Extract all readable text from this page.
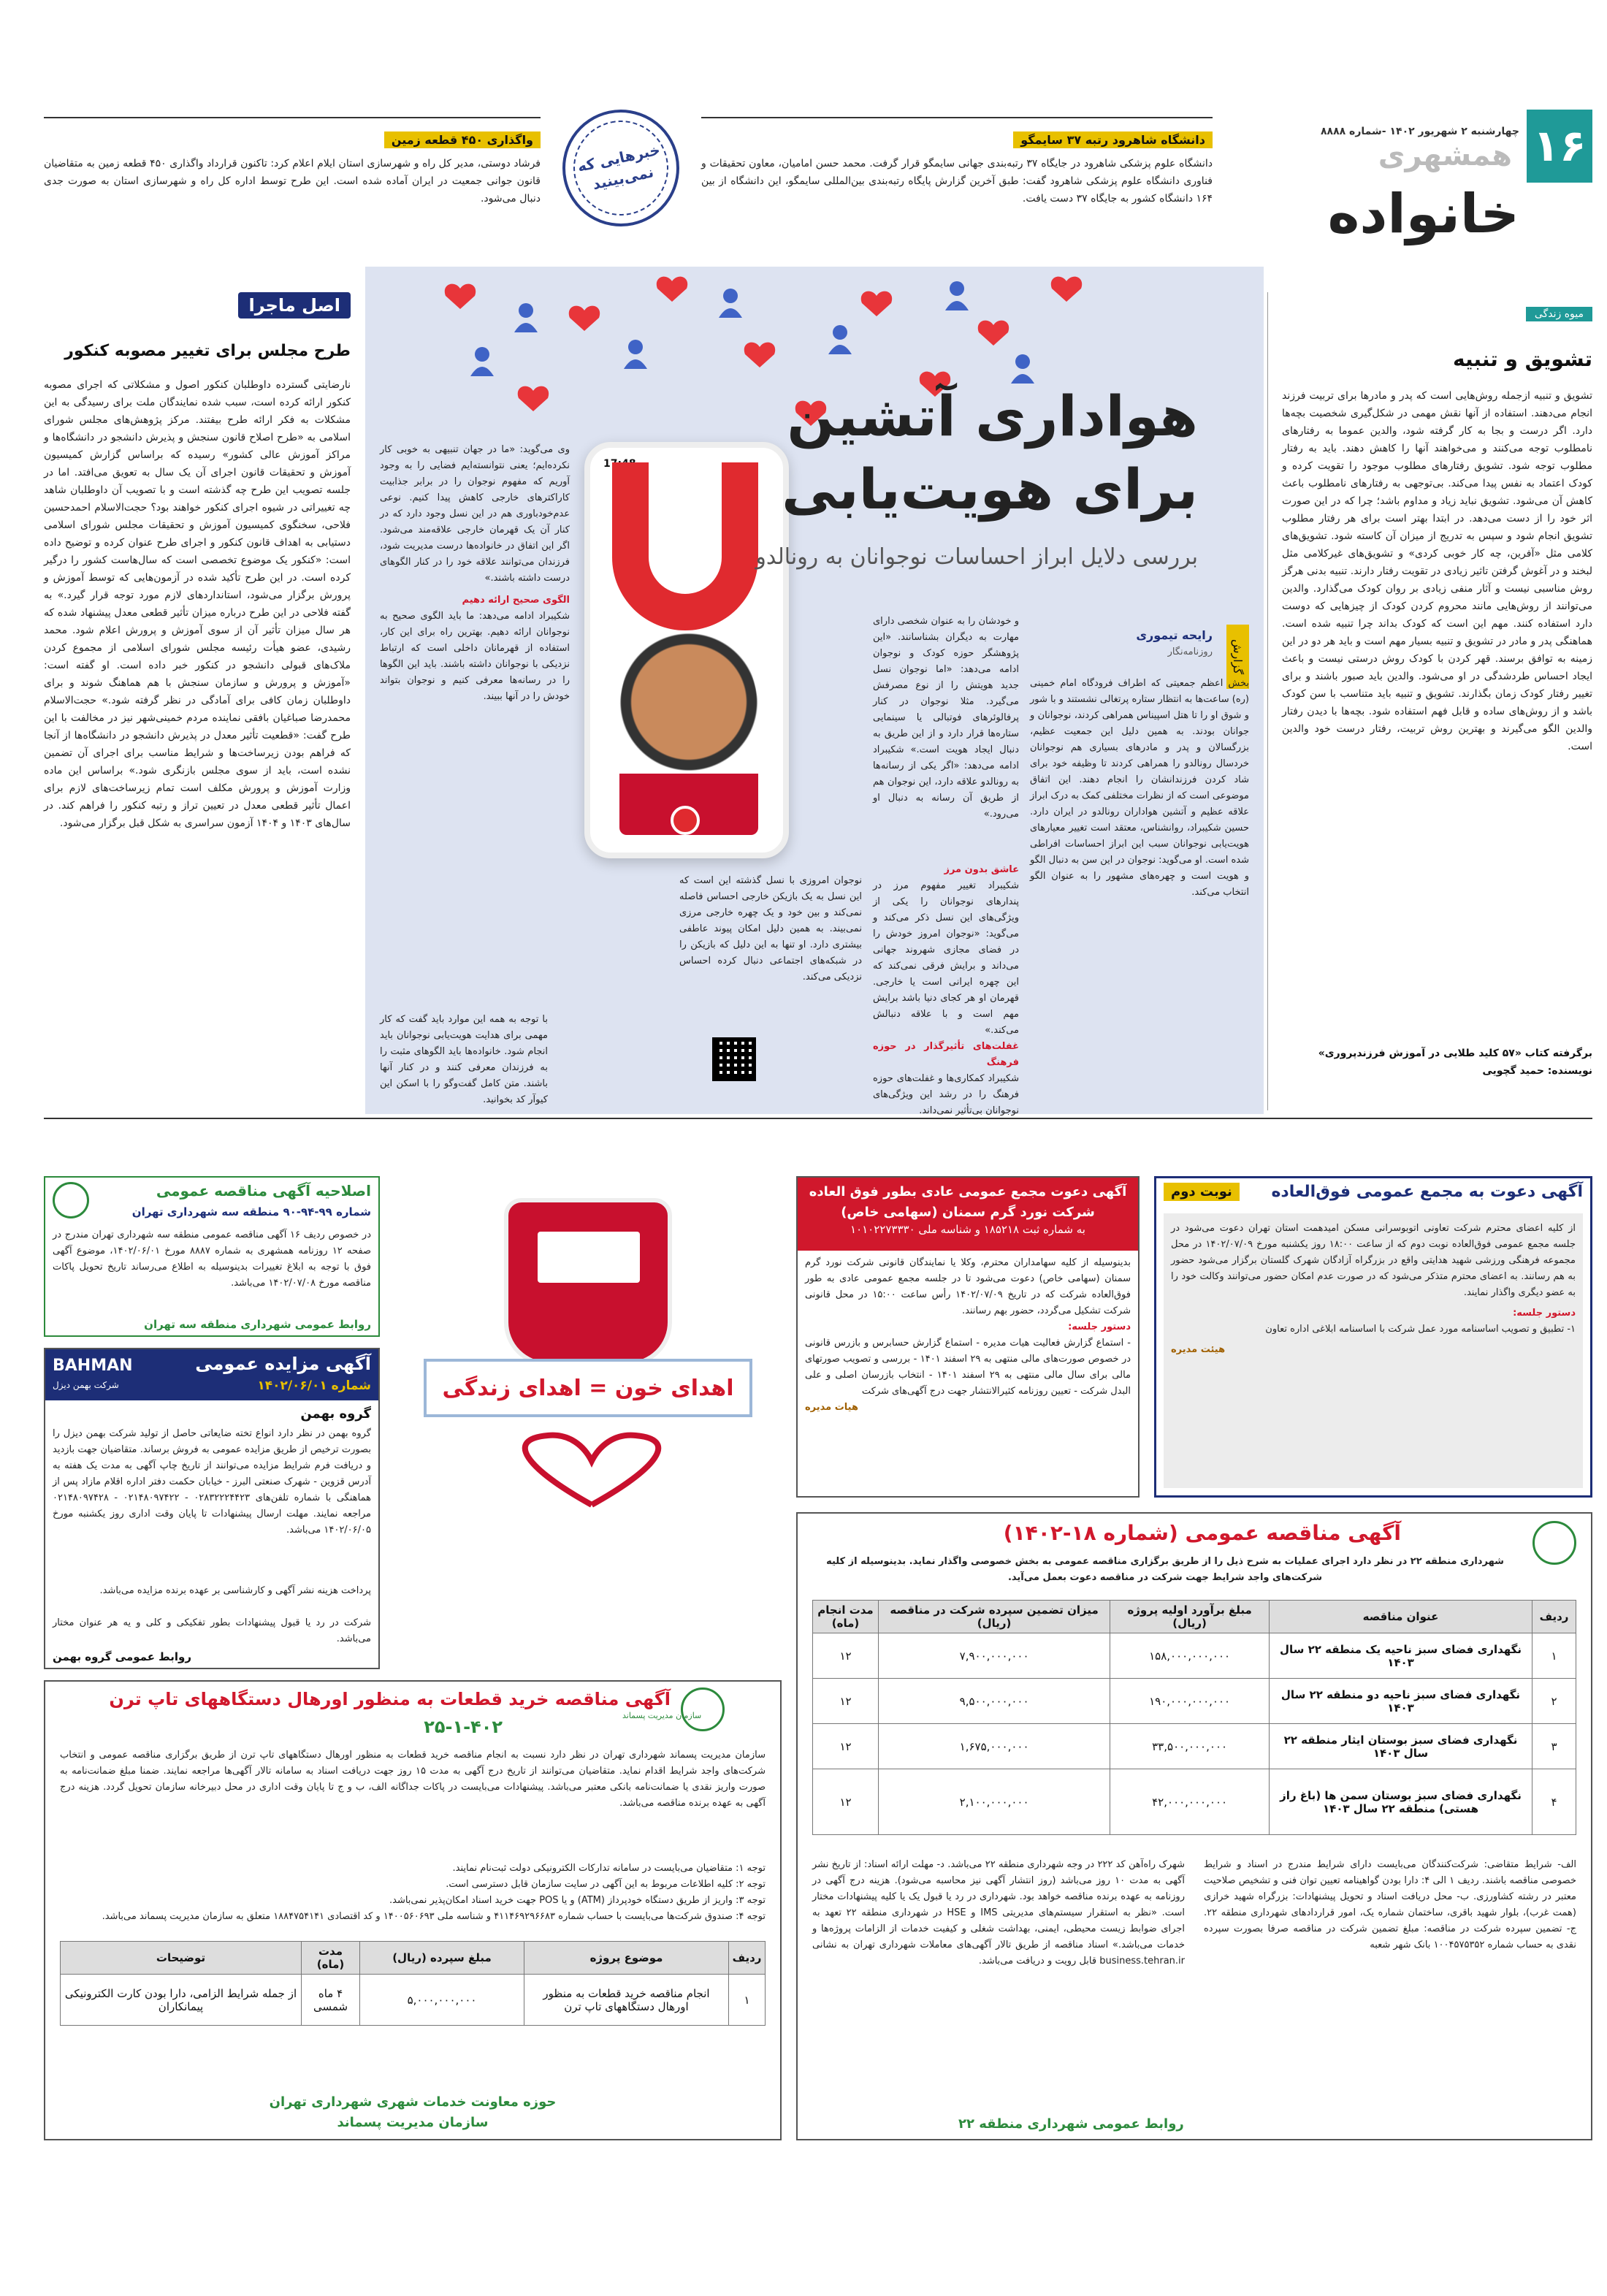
۱۶
چهارشنبه ۲ شهریور ۱۴۰۲ -شماره ۸۸۸۸
همشهری
خانواده
دانشگاه شاهرود رتبه ۳۷ سایمگو
دانشگاه علوم پزشکی شاهرود در جایگاه ۳۷ رتبه‌بندی جهانی سایمگو قرار گرفت. محمد حسن امامیان، معاون تحقیقات و فناوری دانشگاه علوم پزشکی شاهرود گفت: طبق آخرین گزارش پایگاه رتبه‌بندی بین‌المللی سایمگو، این دانشگاه از بین ۱۶۴ دانشگاه کشور به جایگاه ۳۷ دست یافت.
خبرهایی که نمی‌بینید
واگذاری ۴۵۰ قطعه زمین
فرشاد دوستی، مدیر کل راه و شهرسازی استان ایلام اعلام کرد: تاکنون قرارداد واگذاری ۴۵۰ قطعه زمین به متقاضیان قانون جوانی جمعیت در ایران آماده شده است. این طرح توسط اداره کل راه و شهرسازی استان به صورت جدی دنبال می‌شود.
میوه زندگی
تشویق و تنبیه
تشویق و تنبیه ازجمله روش‌هایی است که پدر و مادرها برای تربیت فرزند انجام می‌دهند. استفاده از آنها نقش مهمی در شکل‌گیری شخصیت بچه‌ها دارد. اگر درست و بجا به کار گرفته شود، والدین عموما به رفتارهای نامطلوب توجه می‌کنند و می‌خواهند آنها را کاهش دهند. باید به رفتار مطلوب توجه شود. تشویق رفتارهای مطلوب موجود را تقویت کرده و کودک اعتماد به نفس پیدا می‌کند. بی‌توجهی به رفتارهای نامطلوب باعث کاهش آن می‌شود. تشویق نباید زیاد و مداوم باشد؛ چرا که در این صورت اثر خود را از دست می‌دهد. در ابتدا بهتر است برای هر رفتار مطلوب تشویق انجام شود و سپس به تدریج از میزان آن کاسته شود. تشویق‌های کلامی مثل «آفرین، چه کار خوبی کردی» و تشویق‌های غیرکلامی مثل لبخند و در آغوش گرفتن تاثیر زیادی در تقویت رفتار دارند. تنبیه بدنی هرگز روش مناسبی نیست و آثار منفی زیادی بر روان کودک می‌گذارد. والدین می‌توانند از روش‌هایی مانند محروم کردن کودک از چیزهایی که دوست دارد استفاده کنند. مهم این است که کودک بداند چرا تنبیه شده است. هماهنگی پدر و مادر در تشویق و تنبیه بسیار مهم است و باید هر دو در این زمینه به توافق برسند. قهر کردن با کودک روش درستی نیست و باعث ایجاد احساس طردشدگی در او می‌شود. والدین باید صبور باشند و برای تغییر رفتار کودک زمان بگذارند. تشویق و تنبیه باید متناسب با سن کودک باشد و از روش‌های ساده و قابل فهم استفاده شود. بچه‌ها با دیدن رفتار والدین الگو می‌گیرند و بهترین روش تربیت، رفتار درست خود والدین است.
برگرفته کتاب «۵۷ کلید طلایی در آموزش فرزندپروری» نویسنده: حمید گچویی
17:48
هواداری آتشین
برای هویت‌یابی
بررسی دلایل ابراز احساسات نوجوانان به رونالدو
گزارش
رایحه تیموری
روزنامه‌نگار
بخش اعظم جمعیتی که اطراف فرودگاه امام خمینی (ره) ساعت‌ها به انتظار ستاره پرتغالی نشستند و با شور و شوق او را تا هتل اسپیناس همراهی کردند، نوجوانان و جوانان بودند. به همین دلیل این جمعیت عظیم، بزرگسالان و پدر و مادرهای بسیاری هم نوجوانان خردسال رونالدو را همراهی کردند تا وظیفه خود برای شاد کردن فرزندانشان را انجام دهند. این اتفاق موضوعی است که از نظرات مختلفی کمک به درک ابراز علاقه عظیم و آتشین هواداران رونالدو در ایران دارد. حسین شکیبراد، روانشناس، معتقد است تغییر معیارهای هویت‌یابی نوجوانان سبب این ابراز احساسات افراطی شده است. او می‌گوید: نوجوان در این سن به دنبال الگو و هویت است و چهره‌های مشهور را به عنوان الگو انتخاب می‌کند.
و خودشان را به عنوان شخصی دارای مهارت به دیگران بشناسانند. «این پژوهشگر حوزه کودک و نوجوان ادامه می‌دهد: «اما نوجوان نسل جدید هویتش را از نوع مصرفش می‌گیرد. مثلا نوجوان در کنار پرفالوئرهای فوتبالی یا سینمایی ستاره‌ها قرار دارد و از این طریق به دنبال ایجاد هویت است.» شکیبراد ادامه می‌دهد: «اگر یکی از رسانه‌ها به رونالدو علاقه دارد، این نوجوان هم از طریق آن رسانه به دنبال او می‌رود.»
عاشق بدون مرز
شکیبراد تغییر مفهوم مرز در پندارهای نوجوانان را یکی از ویژگی‌های این نسل ذکر می‌کند و می‌گوید: «نوجوان امروز خودش را در فضای مجازی شهروند جهانی می‌داند و برایش فرقی نمی‌کند که این چهره ایرانی است یا خارجی. قهرمان او هر کجای دنیا باشد برایش مهم است و با علاقه دنبالش می‌کند.»
غفلت‌های تأثیرگذار در حوزه فرهنگ
شکیبراد کمکاری‌ها و غفلت‌های حوزه فرهنگ را در رشد این ویژگی‌های نوجوانان بی‌تأثیر نمی‌داند.
نوجوان امروزی با نسل گذشته این است که این نسل به یک بازیکن خارجی احساس فاصله نمی‌کند و بین خود و یک چهره خارجی مرزی نمی‌بیند. به همین دلیل امکان پیوند عاطفی بیشتری دارد. او تنها به این دلیل که بازیکن را در شبکه‌های اجتماعی دنبال کرده احساس نزدیکی می‌کند.
با توجه به همه این موارد باید گفت که کار مهمی برای هدایت هویت‌یابی نوجوانان باید انجام شود. خانواده‌ها باید الگوهای مثبت را به فرزندان معرفی کنند و در کنار آنها باشند. متن کامل گفت‌وگو را با اسکن این کیوآر کد بخوانید.
وی می‌گوید: «ما در جهان تنبیهی به خوبی کار نکرده‌ایم؛ یعنی نتوانسته‌ایم فضایی را به وجود آوریم که مفهوم نوجوان را در برابر جذابیت کاراکترهای خارجی کاهش پیدا کنیم. نوعی عدم‌خودباوری هم در این نسل وجود دارد که در کنار آن یک قهرمان خارجی علاقه‌مند می‌شود. اگر این اتفاق در خانواده‌ها درست مدیریت شود، فرزندان می‌توانند علاقه خود را در کنار الگوهای درست داشته باشند.»
الگوی صحیح ارائه دهیم
شکیبراد ادامه می‌دهد: ما باید الگوی صحیح به نوجوانان ارائه دهیم. بهترین راه برای این کار، استفاده از قهرمانان داخلی است که ارتباط نزدیکی با نوجوانان داشته باشند. باید این الگوها را در رسانه‌ها معرفی کنیم و نوجوان بتواند خودش را در آنها ببیند.
اصل ماجرا
طرح مجلس برای تغییر مصوبه کنکور
نارضایتی گسترده داوطلبان کنکور اصول و مشکلاتی که اجرای مصوبه کنکور ارائه کرده است، سبب شده نمایندگان ملت برای رسیدگی به این مشکلات به فکر ارائه طرح بیفتند. مرکز پژوهش‌های مجلس شورای اسلامی به «طرح اصلاح قانون سنجش و پذیرش دانشجو در دانشگاه‌ها و مراکز آموزش عالی کشور» رسیده که براساس گزارش کمیسیون آموزش و تحقیقات قانون اجرای آن یک سال به تعویق می‌افتد. اما در جلسه تصویب این طرح چه گذشته است و با تصویب آن داوطلبان شاهد چه تغییراتی در شیوه اجرای کنکور خواهند بود؟ حجت‌الاسلام احمدحسین فلاحی، سخنگوی کمیسیون آموزش و تحقیقات مجلس شورای اسلامی دستیابی به اهداف قانون کنکور و اجرای طرح عنوان کرده و توضیح داده است: «کنکور یک موضوع تخصصی است که سال‌هاست کشور را درگیر کرده است. در این طرح تأکید شده در آزمون‌هایی که توسط آموزش و پرورش برگزار می‌شود، استانداردهای لازم مورد توجه قرار گیرد.» به گفته فلاحی در این طرح درباره میزان تأثیر قطعی معدل پیشنهاد شده که هر سال میزان تأثیر آن از سوی آموزش و پرورش اعلام شود. محمد رشیدی، عضو هیأت رئیسه مجلس شورای اسلامی از مجموع کردن ملاک‌های قبولی دانشجو در کنکور خبر داده است. او گفته است: «آموزش و پرورش و سازمان سنجش با هم هماهنگ شوند و برای داوطلبان زمان کافی برای آمادگی در نظر گرفته شود.» حجت‌الاسلام محمدرضا صباغیان بافقی نماینده مردم خمینی‌شهر نیز در مخالفت با این طرح گفت: «قطعیت تأثیر معدل در پذیرش دانشجو در دانشگاه‌ها از آنجا که فراهم بودن زیرساخت‌ها و شرایط مناسب برای اجرای آن تضمین نشده است، باید از سوی مجلس بازنگری شود.» براساس این ماده وزارت آموزش و پرورش مکلف است تمام زیرساخت‌های لازم برای اعمال تأثیر قطعی معدل در تعیین تراز و رتبه کنکور را فراهم کند. در سال‌های ۱۴۰۳ و ۱۴۰۴ آزمون سراسری به شکل قبل برگزار می‌شود.
نوبت دوم	آگهی دعوت به مجمع عمومی فوق‌العاده
از کلیه اعضای محترم شرکت تعاونی اتوبوسرانی مسکن امیدهمت استان تهران دعوت می‌شود در جلسه مجمع عمومی فوق‌العاده نوبت دوم که از ساعت ۱۸:۰۰ روز یکشنبه مورخ ۱۴۰۲/۰۷/۰۹ در محل مجموعه فرهنگی ورزشی شهید هدایتی واقع در بزرگراه آزادگان شهرک گلستان برگزار می‌شود حضور به هم رسانند. به اعضای محترم متذکر می‌شود که در صورت عدم امکان حضور می‌توانند وکالت خود را به عضو دیگری واگذار نمایند.
دستور جلسه:
۱- تطبیق و تصویب اساسنامه مورد عمل شرکت با اساسنامه ابلاغی اداره تعاون
هیئت مدیره
آگهی دعوت مجمع عمومی عادی بطور فوق العاده شرکت نورد گرم سمنان (سهامی خاص)
به شماره ثبت ۱۸۵۲۱۸ و شناسه ملی ۱۰۱۰۲۲۷۳۳۳۰
بدینوسیله از کلیه سهامداران محترم، وکلا یا نمایندگان قانونی شرکت نورد گرم سمنان (سهامی خاص) دعوت می‌شود تا در جلسه مجمع عمومی عادی به طور فوق‌العاده شرکت که در تاریخ ۱۴۰۲/۰۷/۰۹ رأس ساعت ۱۵:۰۰ در محل قانونی شرکت تشکیل می‌گردد، حضور بهم رسانند.
دستور جلسه:
- استماع گزارش فعالیت هیات مدیره - استماع گزارش حسابرس و بازرس قانونی در خصوص صورت‌های مالی منتهی به ۲۹ اسفند ۱۴۰۱ - بررسی و تصویب صورتهای مالی برای سال مالی منتهی به ۲۹ اسفند ۱۴۰۱ - انتخاب بازرسان اصلی و علی البدل شرکت - تعیین روزنامه کثیرالانتشار جهت درج آگهی‌های شرکت
هیات مدیره
اهدای خون = اهدای زندگی
اصلاحیه آگهی مناقصه عمومی
شماره ۹۹-۹۴-۹۰ منطقه سه شهرداری تهران
در خصوص ردیف ۱۶ آگهی مناقصه عمومی منطقه سه شهرداری تهران مندرج در صفحه ۱۲ روزنامه همشهری به شماره ۸۸۸۷ مورخ ۱۴۰۲/۰۶/۰۱، موضوع آگهی فوق با توجه به ابلاغ تغییرات بدینوسیله به اطلاع می‌رساند تاریخ تحویل پاکات مناقصه مورخ ۱۴۰۲/۰۷/۰۸ می‌باشد.
روابط عمومی شهرداری منطقه سه تهران
آگهی مزایده عمومی
شماره ۱۴۰۲/۰۶/۰۱
BAHMAN
شرکت بهمن دیزل
گروه بهمن
گروه بهمن در نظر دارد انواع تخته ضایعاتی حاصل از تولید شرکت بهمن دیزل را بصورت ترخیص از طریق مزایده عمومی به فروش برساند. متقاضیان جهت بازدید و دریافت فرم شرایط مزایده می‌توانند از تاریخ چاپ آگهی به مدت یک هفته به آدرس قزوین - شهرک صنعتی البرز - خیابان حکمت دفتر اداره اقلام مازاد پس از هماهنگی با شماره تلفن‌های ۰۲۸۳۲۲۲۴۴۲۳ - ۰۲۱۴۸۰۹۷۴۲۲ - ۰۲۱۴۸۰۹۷۴۲۸ مراجعه نمایند. مهلت ارسال پیشنهادات تا پایان وقت اداری روز یکشنبه مورخ ۱۴۰۲/۰۶/۰۵ می‌باشد.
پرداخت هزینه نشر آگهی و کارشناسی بر عهده برنده مزایده می‌باشد.
شرکت در رد یا قبول پیشنهادات بطور تفکیکی و کلی و یه هر عنوان مختار می‌باشد.
روابط عمومی گروه بهمن
آگهی مناقصه عمومی (شماره ۱۸-۱۴۰۲)
شهرداری منطقه ۲۲ در نظر دارد اجرای عملیات به شرح ذیل را از طریق برگزاری مناقصه عمومی به بخش خصوصی واگذار نماید. بدینوسیله از کلیه شرکت‌های واجد شرایط جهت شرکت در مناقصه دعوت بعمل می‌آید.
ردیف	عنوان مناقصه	مبلغ برآورد اولیه پروژه (ریال)	میزان تضمین سپرده شرکت در مناقصه (ریال)	مدت انجام (ماه)
۱	نگهداری فضای سبز ناحیه یک منطقه ۲۲ سال ۱۴۰۳	۱۵۸,۰۰۰,۰۰۰,۰۰۰	۷,۹۰۰,۰۰۰,۰۰۰	۱۲
۲	نگهداری فضای سبز ناحیه دو منطقه ۲۲ سال ۱۴۰۳	۱۹۰,۰۰۰,۰۰۰,۰۰۰	۹,۵۰۰,۰۰۰,۰۰۰	۱۲
۳	نگهداری فضای سبز بوستان ایثار منطقه ۲۲ سال ۱۴۰۳	۳۳,۵۰۰,۰۰۰,۰۰۰	۱,۶۷۵,۰۰۰,۰۰۰	۱۲
۴	نگهداری فضای سبز بوستان سمن ها (باغ راز هستی) منطقه ۲۲ سال ۱۴۰۳	۴۲,۰۰۰,۰۰۰,۰۰۰	۲,۱۰۰,۰۰۰,۰۰۰	۱۲
الف- شرایط متقاضی: شرکت‌کنندگان می‌بایست دارای شرایط مندرج در اسناد و شرایط خصوصی مناقصه باشند. ردیف ۱ الی ۴: دارا بودن گواهینامه تعیین توان فنی و تشخیص صلاحیت معتبر در رشته کشاورزی. ب- محل دریافت اسناد و تحویل پیشنهادات: بزرگراه شهید خرازی (همت غرب)، بلوار شهید باقری، ساختمان شماره یک، امور قراردادهای شهرداری منطقه ۲۲. ج- تضمین سپرده شرکت در مناقصه: مبلغ تضمین شرکت در مناقصه صرفا بصورت سپرده نقدی به حساب شماره ۱۰۰۴۵۷۵۳۵۲ بانک شهر شعبه
شهرک راه‌آهن کد ۲۲۲ در وجه شهرداری منطقه ۲۲ می‌باشد. د- مهلت ارائه اسناد: از تاریخ نشر آگهی به مدت ۱۰ روز می‌باشد (روز انتشار آگهی نیز محاسبه می‌شود). هزینه درج آگهی در روزنامه به عهده برنده مناقصه خواهد بود. شهرداری در رد یا قبول یک یا کلیه پیشنهادات مختار است. «نظر به استقرار سیستم‌های مدیریتی IMS و HSE در شهرداری منطقه ۲۲ تعهد به اجرای ضوابط زیست محیطی، ایمنی، بهداشت شغلی و کیفیت خدمات از الزامات پروژه‌ها و خدمات می‌باشد.» اسناد مناقصه از طریق تالار آگهی‌های معاملات شهرداری تهران به نشانی business.tehran.ir قابل رویت و دریافت می‌باشد.
روابط عمومی شهرداری منطقه ۲۲
آگهی مناقصه خرید قطعات به منظور اورهال دستگاههای تاپ ترن
۲۵-۱-۴۰۲
سازمان مدیریت پسماند
سازمان مدیریت پسماند شهرداری تهران در نظر دارد نسبت به انجام مناقصه خرید قطعات به منظور اورهال دستگاههای تاپ ترن از طریق برگزاری مناقصه عمومی و انتخاب شرکت‌های واجد شرایط اقدام نماید. متقاضیان می‌توانند از تاریخ درج آگهی به مدت ۱۵ روز جهت دریافت اسناد به سامانه تالار آگهی‌ها مراجعه نمایند. ضمنا مبلغ ضمانت‌نامه به صورت واریز نقدی یا ضمانت‌نامه بانکی معتبر می‌باشد. پیشنهادات می‌بایست در پاکات جداگانه الف، ب و ج تا پایان وقت اداری در محل دبیرخانه سازمان تحویل گردد. هزینه درج آگهی به عهده برنده مناقصه می‌باشد.
توجه ۱: متقاضیان می‌بایست در سامانه تدارکات الکترونیکی دولت ثبت‌نام نمایند.
توجه ۲: کلیه اطلاعات مربوط به این آگهی در سایت سازمان قابل دسترسی است.
توجه ۳: واریز از طریق دستگاه خودپرداز (ATM) و یا POS جهت خرید اسناد امکان‌پذیر نمی‌باشد.
توجه ۴: صندوق شرکت‌ها می‌بایست با حساب شماره ۴۱۱۴۶۹۲۹۶۶۸۳ و شناسه ملی ۱۴۰۰۵۶۰۶۹۳ و کد اقتصادی ۱۸۸۴۷۵۴۱۴۱ متعلق به سازمان مدیریت پسماند می‌باشد.
ردیف	موضوع پروژه	مبلغ سپرده (ریال)	مدت (ماه)	توضیحات
۱	انجام مناقصه خرید قطعات به منظور اورهال دستگاههای تاپ ترن	۵,۰۰۰,۰۰۰,۰۰۰	۴ ماه شمسی	از جمله شرایط الزامی، دارا بودن کارت الکترونیکی پیمانکاران
حوزه معاونت خدمات شهری شهرداری تهران
سازمان مدیریت پسماند
